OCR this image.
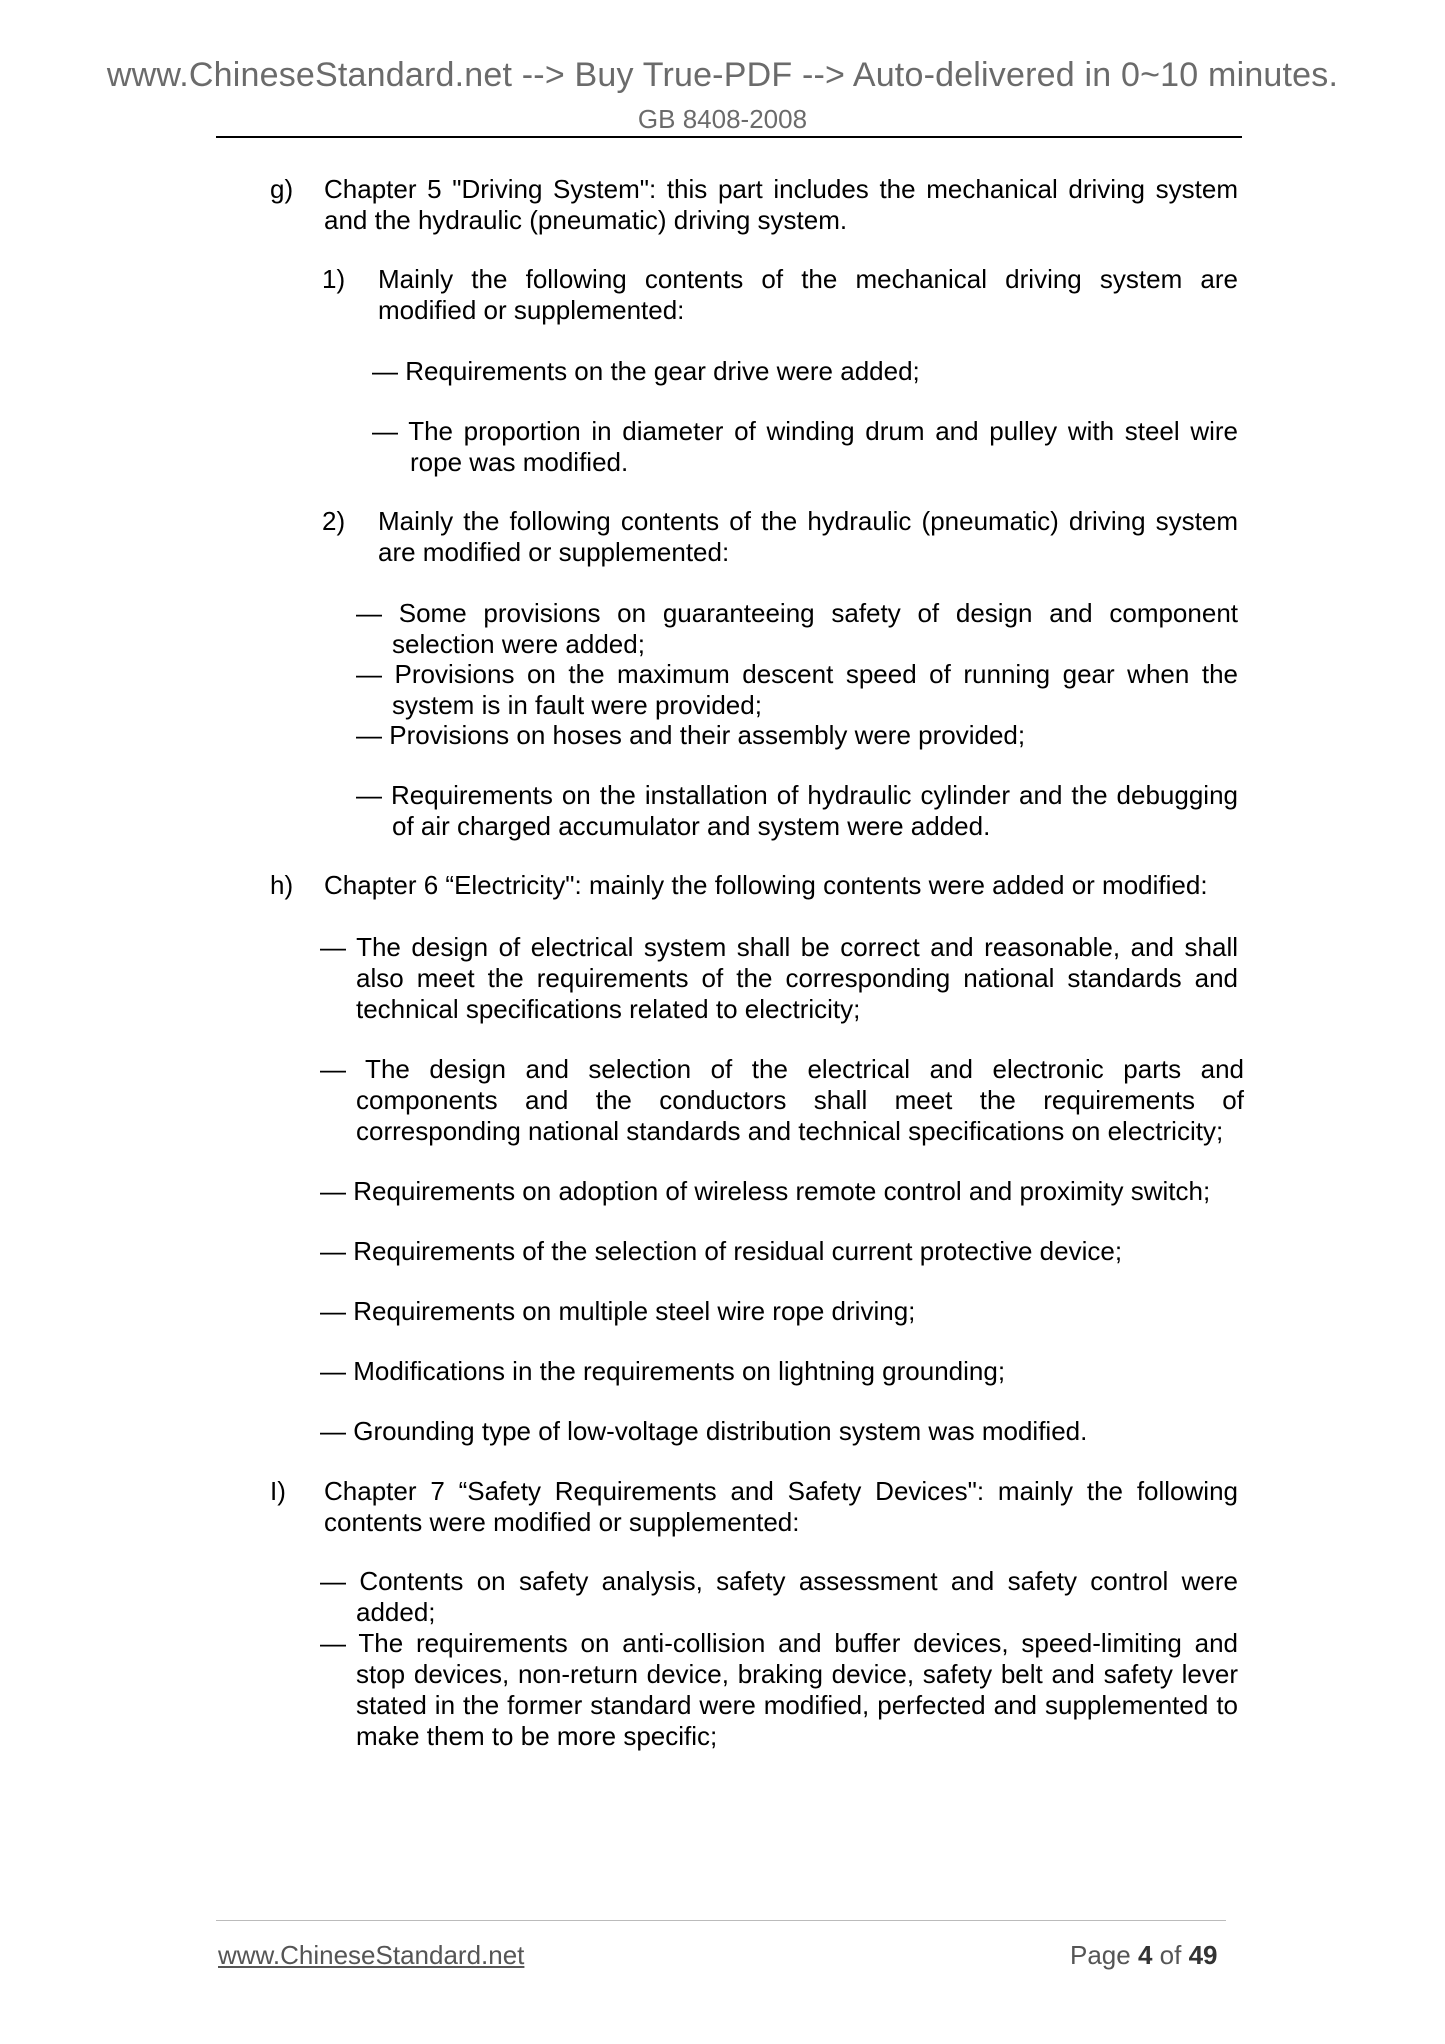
www.ChineseStandard.net --> Buy True-PDF --> Auto-delivered in 0~10 minutes.
GB 8408-2008
g)	Chapter 5 "Driving System": this part includes the mechanical driving system and the hydraulic (pneumatic) driving system.
1)	Mainly the following contents of the mechanical driving system are modified or supplemented:
— Requirements on the gear drive were added;
— The proportion in diameter of winding drum and pulley with steel wire rope was modified.
2)	Mainly the following contents of the hydraulic (pneumatic) driving system are modified or supplemented:
— Some provisions on guaranteeing safety of design and component selection were added;
— Provisions on the maximum descent speed of running gear when the system is in fault were provided;
— Provisions on hoses and their assembly were provided;
— Requirements on the installation of hydraulic cylinder and the debugging of air charged accumulator and system were added.
h)	Chapter 6 “Electricity": mainly the following contents were added or modified:
— The design of electrical system shall be correct and reasonable, and shall also meet the requirements of the corresponding national standards and technical specifications related to electricity;
— The design and selection of the electrical and electronic parts and components and the conductors shall meet the requirements of corresponding national standards and technical specifications on electricity;
— Requirements on adoption of wireless remote control and proximity switch;
— Requirements of the selection of residual current protective device;
— Requirements on multiple steel wire rope driving;
— Modifications in the requirements on lightning grounding;
— Grounding type of low-voltage distribution system was modified.
I)	Chapter 7 “Safety Requirements and Safety Devices": mainly the following contents were modified or supplemented:
— Contents on safety analysis, safety assessment and safety control were added;
— The requirements on anti-collision and buffer devices, speed-limiting and stop devices, non-return device, braking device, safety belt and safety lever stated in the former standard were modified, perfected and supplemented to make them to be more specific;
www.ChineseStandard.net	Page 4 of 49
